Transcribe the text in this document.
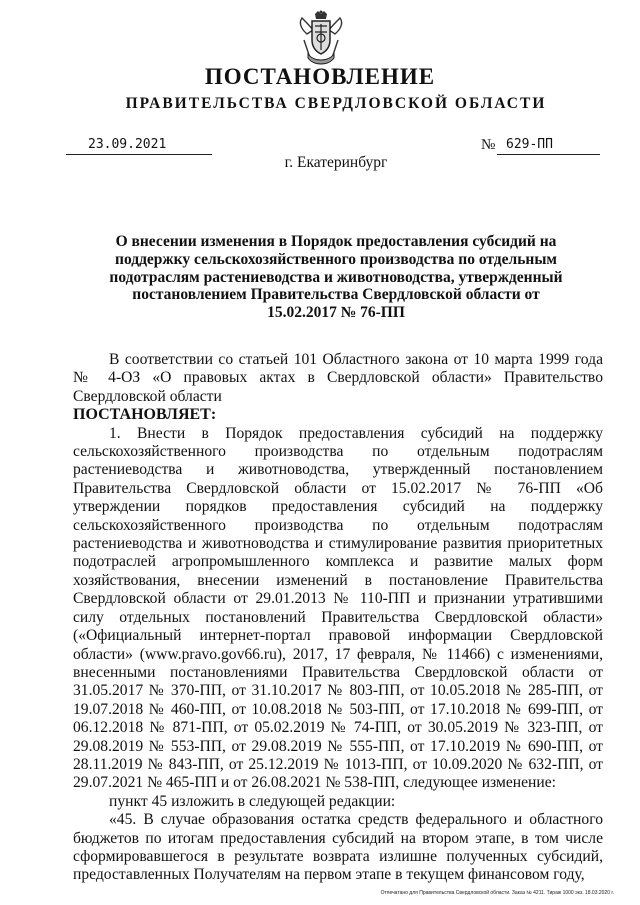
ПОСТАНОВЛЕНИЕ
ПРАВИТЕЛЬСТВА СВЕРДЛОВСКОЙ ОБЛАСТИ
23.09.2021	№ 629-ПП
г. Екатеринбург
О внесении изменения в Порядок предоставления субсидий на поддержку сельскохозяйственного производства по отдельным подотраслям растениеводства и животноводства, утвержденный постановлением Правительства Свердловской области от 15.02.2017 № 76-ПП

В соответствии со статьей 101 Областного закона от 10 марта 1999 года № 4-ОЗ «О правовых актах в Свердловской области» Правительство Свердловской области

ПОСТАНОВЛЯЕТ:

1. Внести в Порядок предоставления субсидий на поддержку сельскохозяйственного производства по отдельным подотраслям растениеводства и животноводства, утвержденный постановлением Правительства Свердловской области от 15.02.2017 № 76-ПП «Об утверждении порядков предоставления субсидий на поддержку сельскохозяйственного производства по отдельным подотраслям растениеводства и животноводства и стимулирование развития приоритетных подотраслей агропромышленного комплекса и развитие малых форм хозяйствования, внесении изменений в постановление Правительства Свердловской области от 29.01.2013 № 110-ПП и признании утратившими силу отдельных постановлений Правительства Свердловской области» («Официальный интернет-портал правовой информации Свердловской области» (www.pravo.gov66.ru), 2017, 17 февраля, № 11466) с изменениями, внесенными постановлениями Правительства Свердловской области от 31.05.2017 № 370-ПП, от 31.10.2017 № 803-ПП, от 10.05.2018 № 285-ПП, от 19.07.2018 № 460-ПП, от 10.08.2018 № 503-ПП, от 17.10.2018 № 699-ПП, от 06.12.2018 № 871-ПП, от 05.02.2019 № 74-ПП, от 30.05.2019 № 323-ПП, от 29.08.2019 № 553-ПП, от 29.08.2019 № 555-ПП, от 17.10.2019 № 690-ПП, от 28.11.2019 № 843-ПП, от 25.12.2019 № 1013-ПП, от 10.09.2020 № 632-ПП, от 29.07.2021 № 465-ПП и от 26.08.2021 № 538-ПП, следующее изменение:

пункт 45 изложить в следующей редакции:

«45. В случае образования остатка средств федерального и областного бюджетов по итогам предоставления субсидий на втором этапе, в том числе сформировавшегося в результате возврата излишне полученных субсидий, предоставленных Получателям на первом этапе в текущем финансовом году,

Отпечатано для Правительства Свердловской области. Заказ № 4211. Тираж 1000 экз. 18.03.2020 г.
